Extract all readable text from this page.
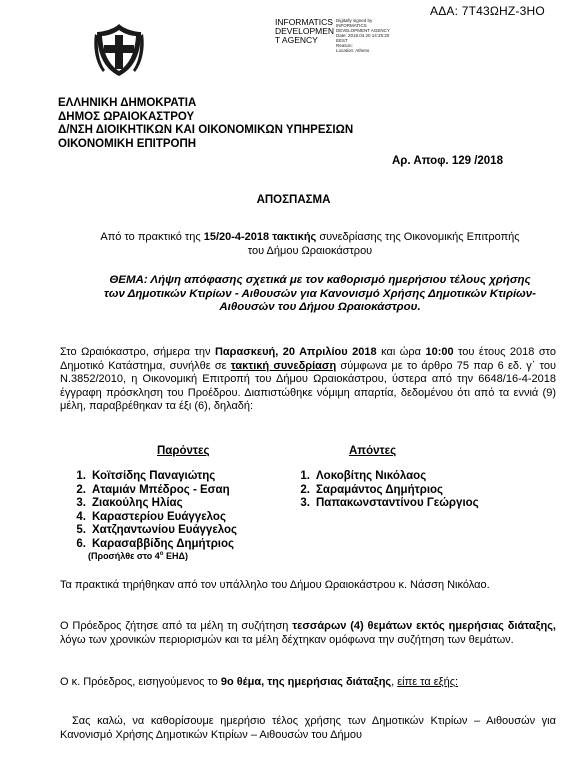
ΑΔΑ: 7Τ43ΩΗΖ-3ΗΟ
INFORMATICS DEVELOPMEN T AGENCY
Digitally signed by
INFORMATICS
DEVELOPMENT AGENCY
Date: 2018.04.20 14:25:20
EEST
Reason:
Location: Athens
ΕΛΛΗΝΙΚΗ ΔΗΜΟΚΡΑΤΙΑ
ΔΗΜΟΣ ΩΡΑΙΟΚΑΣΤΡΟΥ
Δ/ΝΣΗ ΔΙΟΙΚΗΤΙΚΩΝ ΚΑΙ ΟΙΚΟΝΟΜΙΚΩΝ ΥΠΗΡΕΣΙΩΝ
ΟΙΚΟΝΟΜΙΚΗ ΕΠΙΤΡΟΠΗ
Αρ. Αποφ. 129 /2018
ΑΠΟΣΠΑΣΜΑ
Από το πρακτικό της 15/20-4-2018 τακτικής συνεδρίασης της Οικονομικής Επιτροπής
του Δήμου Ωραιοκάστρου
ΘΕΜΑ: Λήψη απόφασης σχετικά με τον καθορισμό ημερήσιου τέλους χρήσης των Δημοτικών Κτιρίων - Αιθουσών για Κανονισμό Χρήσης Δημοτικών Κτιρίων- Αιθουσών του Δήμου Ωραιοκάστρου.
Στο Ωραιόκαστρο, σήμερα την Παρασκευή, 20 Απριλίου 2018 και ώρα 10:00 του έτους 2018 στο Δημοτικό Κατάστημα, συνήλθε σε τακτική συνεδρίαση σύμφωνα με το άρθρο 75 παρ 6 εδ. γ΄ του Ν.3852/2010, η Οικονομική Επιτροπή του Δήμου Ωραιοκάστρου, ύστερα από την 6648/16-4-2018 έγγραφη πρόσκληση του Προέδρου. Διαπιστώθηκε νόμιμη απαρτία, δεδομένου ότι από τα εννιά (9) μέλη, παραβρέθηκαν τα έξι (6), δηλαδή:
Παρόντες	Απόντες
1. Κοϊτσίδης Παναγιώτης
2. Αταμιάν Μπέδρος - Εσαη
3. Ζιακούλης Ηλίας
4. Καραστερίου Ευάγγελος
5. Χατζηαντωνίου Ευάγγελος
6. Καρασαββίδης Δημήτριος
(Προσήλθε στο $4^o$ ΕΗΔ)
1. Λοκοβίτης Νικόλαος
2. Σαραμάντος Δημήτριος
3. Παπακωνσταντίνου Γεώργιος
Τα πρακτικά τηρήθηκαν από τον υπάλληλο του Δήμου Ωραιοκάστρου κ. Νάσση Νικόλαο.
Ο Πρόεδρος ζήτησε από τα μέλη τη συζήτηση τεσσάρων (4) θεμάτων εκτός ημερήσιας διάταξης, λόγω των χρονικών περιορισμών και τα μέλη δέχτηκαν ομόφωνα την συζήτηση των θεμάτων.
Ο κ. Πρόεδρος, εισηγούμενος το 9ο θέμα, της ημερήσιας διάταξης, είπε τα εξής:
Σας καλώ, να καθορίσουμε ημερήσιο τέλος χρήσης των Δημοτικών Κτιρίων – Αιθουσών για Κανονισμό Χρήσης Δημοτικών Κτιρίων – Αιθουσών του Δήμου
